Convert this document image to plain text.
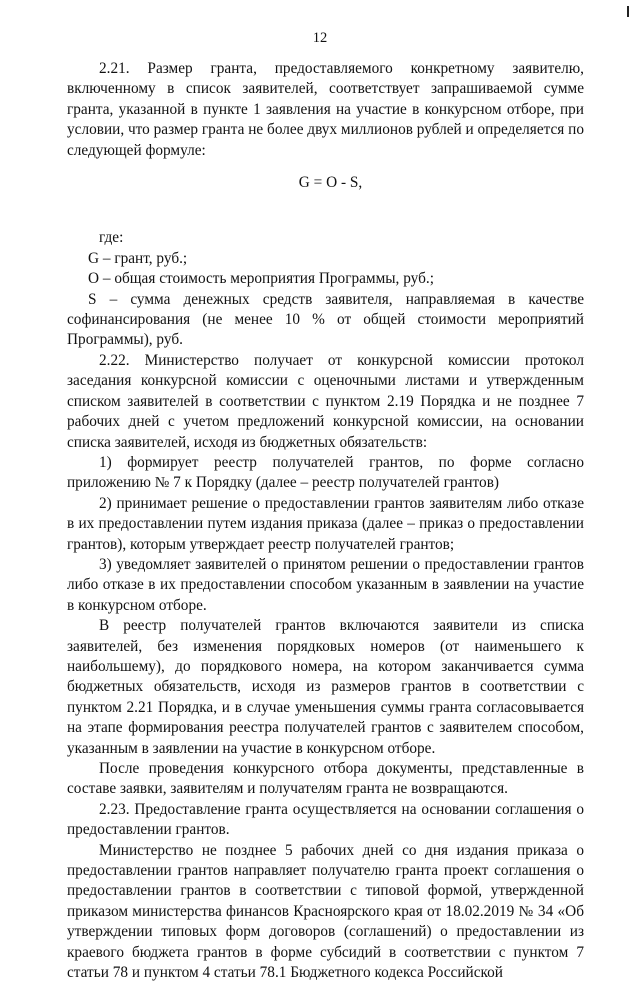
12

2.21. Размер гранта, предоставляемого конкретному заявителю, включенному в список заявителей, соответствует запрашиваемой сумме гранта, указанной в пункте 1 заявления на участие в конкурсном отборе, при условии, что размер гранта не более двух миллионов рублей и определяется по следующей формуле:

G = O - S,

где:

G – грант, руб.;

O – общая стоимость мероприятия Программы, руб.;

S – сумма денежных средств заявителя, направляемая в качестве софинансирования (не менее 10 % от общей стоимости мероприятий Программы), руб.

2.22. Министерство получает от конкурсной комиссии протокол заседания конкурсной комиссии с оценочными листами и утвержденным списком заявителей в соответствии с пунктом 2.19 Порядка и не позднее 7 рабочих дней с учетом предложений конкурсной комиссии, на основании списка заявителей, исходя из бюджетных обязательств:

1) формирует реестр получателей грантов, по форме согласно приложению № 7 к Порядку (далее – реестр получателей грантов)

2) принимает решение о предоставлении грантов заявителям либо отказе в их предоставлении путем издания приказа (далее – приказ о предоставлении грантов), которым утверждает реестр получателей грантов;

3) уведомляет заявителей о принятом решении о предоставлении грантов либо отказе в их предоставлении способом указанным в заявлении на участие в конкурсном отборе.

В реестр получателей грантов включаются заявители из списка заявителей, без изменения порядковых номеров (от наименьшего к наибольшему), до порядкового номера, на котором заканчивается сумма бюджетных обязательств, исходя из размеров грантов в соответствии с пунктом 2.21 Порядка, и в случае уменьшения суммы гранта согласовывается на этапе формирования реестра получателей грантов с заявителем способом, указанным в заявлении на участие в конкурсном отборе.

После проведения конкурсного отбора документы, представленные в составе заявки, заявителям и получателям гранта не возвращаются.

2.23. Предоставление гранта осуществляется на основании соглашения о предоставлении грантов.

Министерство не позднее 5 рабочих дней со дня издания приказа о предоставлении грантов направляет получателю гранта проект соглашения о предоставлении грантов в соответствии с типовой формой, утвержденной приказом министерства финансов Красноярского края от 18.02.2019 № 34 «Об утверждении типовых форм договоров (соглашений) о предоставлении из краевого бюджета грантов в форме субсидий в соответствии с пунктом 7 статьи 78 и пунктом 4 статьи 78.1 Бюджетного кодекса Российской
